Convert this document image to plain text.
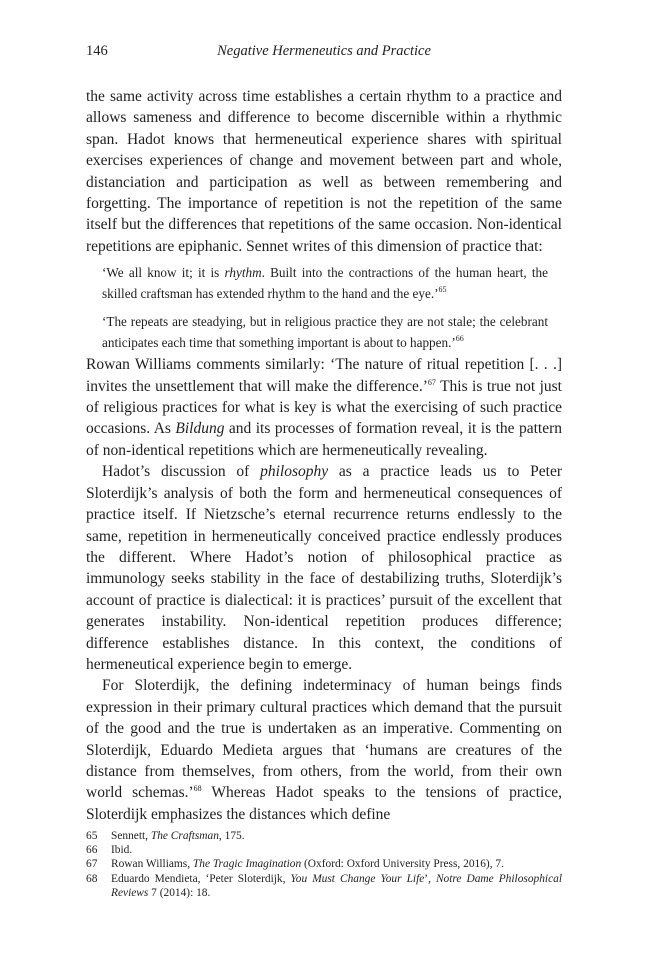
146	Negative Hermeneutics and Practice

the same activity across time establishes a certain rhythm to a practice and allows sameness and difference to become discernible within a rhythmic span. Hadot knows that hermeneutical experience shares with spiritual exercises experiences of change and movement between part and whole, distanciation and participation as well as between remembering and forgetting. The importance of repetition is not the repetition of the same itself but the differences that repetitions of the same occasion. Non-identical repetitions are epiphanic. Sennet writes of this dimension of practice that:

‘We all know it; it is rhythm. Built into the contractions of the human heart, the skilled craftsman has extended rhythm to the hand and the eye.’$^{65}$
‘The repeats are steadying, but in religious practice they are not stale; the celebrant anticipates each time that something important is about to happen.’$^{66}$

Rowan Williams comments similarly: ‘The nature of ritual repetition [. . .] invites the unsettlement that will make the difference.’$^{67}$ This is true not just of religious practices for what is key is what the exercising of such practice occasions. As Bildung and its processes of formation reveal, it is the pattern of non-identical repetitions which are hermeneutically revealing.

Hadot’s discussion of philosophy as a practice leads us to Peter Sloterdijk’s analysis of both the form and hermeneutical consequences of practice itself. If Nietzsche’s eternal recurrence returns endlessly to the same, repetition in hermeneutically conceived practice endlessly produces the different. Where Hadot’s notion of philosophical practice as immunology seeks stability in the face of destabilizing truths, Sloterdijk’s account of practice is dialectical: it is practices’ pursuit of the excellent that generates instability. Non-identical repetition produces difference; difference establishes distance. In this context, the conditions of hermeneutical experience begin to emerge.

For Sloterdijk, the defining indeterminacy of human beings finds expression in their primary cultural practices which demand that the pursuit of the good and the true is undertaken as an imperative. Commenting on Sloterdijk, Eduardo Medieta argues that ‘humans are creatures of the distance from themselves, from others, from the world, from their own world schemas.’$^{68}$ Whereas Hadot speaks to the tensions of practice, Sloterdijk emphasizes the distances which define

65	Sennett, The Craftsman, 175.
66	Ibid.
67	Rowan Williams, The Tragic Imagination (Oxford: Oxford University Press, 2016), 7.
68	Eduardo Mendieta, ‘Peter Sloterdijk, You Must Change Your Life’, Notre Dame Philosophical Reviews 7 (2014): 18.
